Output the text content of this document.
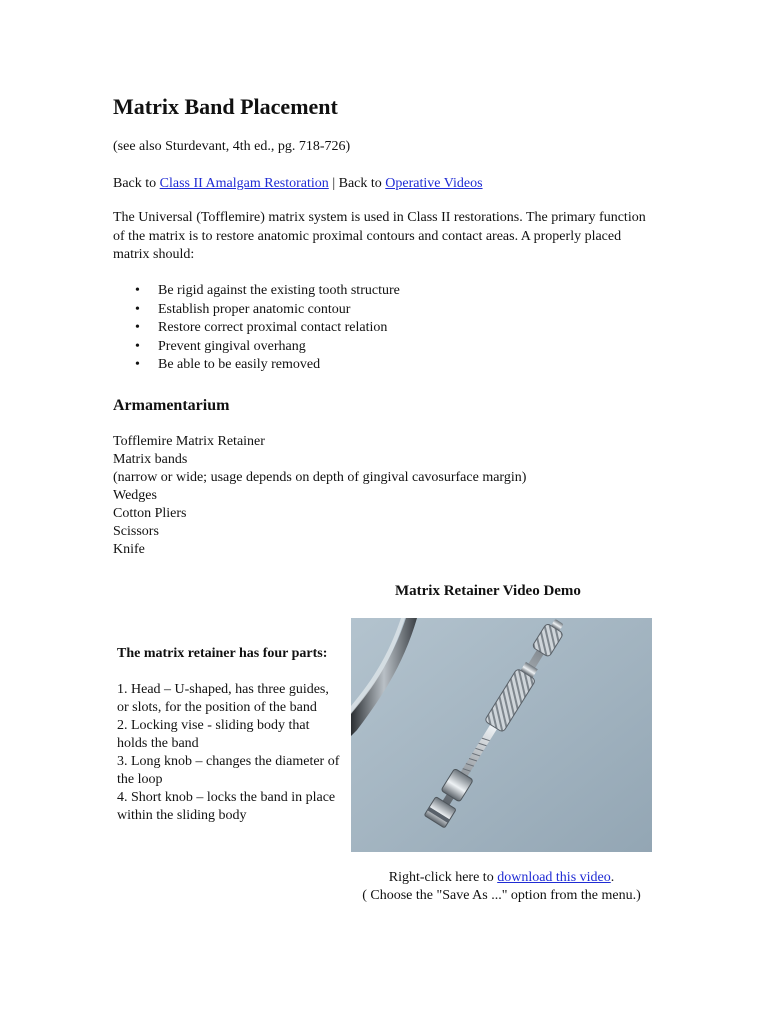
Matrix Band Placement
(see also Sturdevant, 4th ed., pg. 718-726)
Back to Class II Amalgam Restoration | Back to Operative Videos

The Universal (Tofflemire) matrix system is used in Class II restorations. The primary function of the matrix is to restore anatomic proximal contours and contact areas. A properly placed matrix should:

• Be rigid against the existing tooth structure
• Establish proper anatomic contour
• Restore correct proximal contact relation
• Prevent gingival overhang
• Be able to be easily removed
Armamentarium
Tofflemire Matrix Retainer
Matrix bands
(narrow or wide; usage depends on depth of gingival cavosurface margin)
Wedges
Cotton Pliers
Scissors
Knife
Matrix Retainer Video Demo
The matrix retainer has four parts:
1. Head – U-shaped, has three guides, or slots, for the position of the band
2. Locking vise - sliding body that holds the band
3. Long knob – changes the diameter of the loop
4. Short knob – locks the band in place within the sliding body
Right-click here to download this video.
( Choose the "Save As ..." option from the menu.)
